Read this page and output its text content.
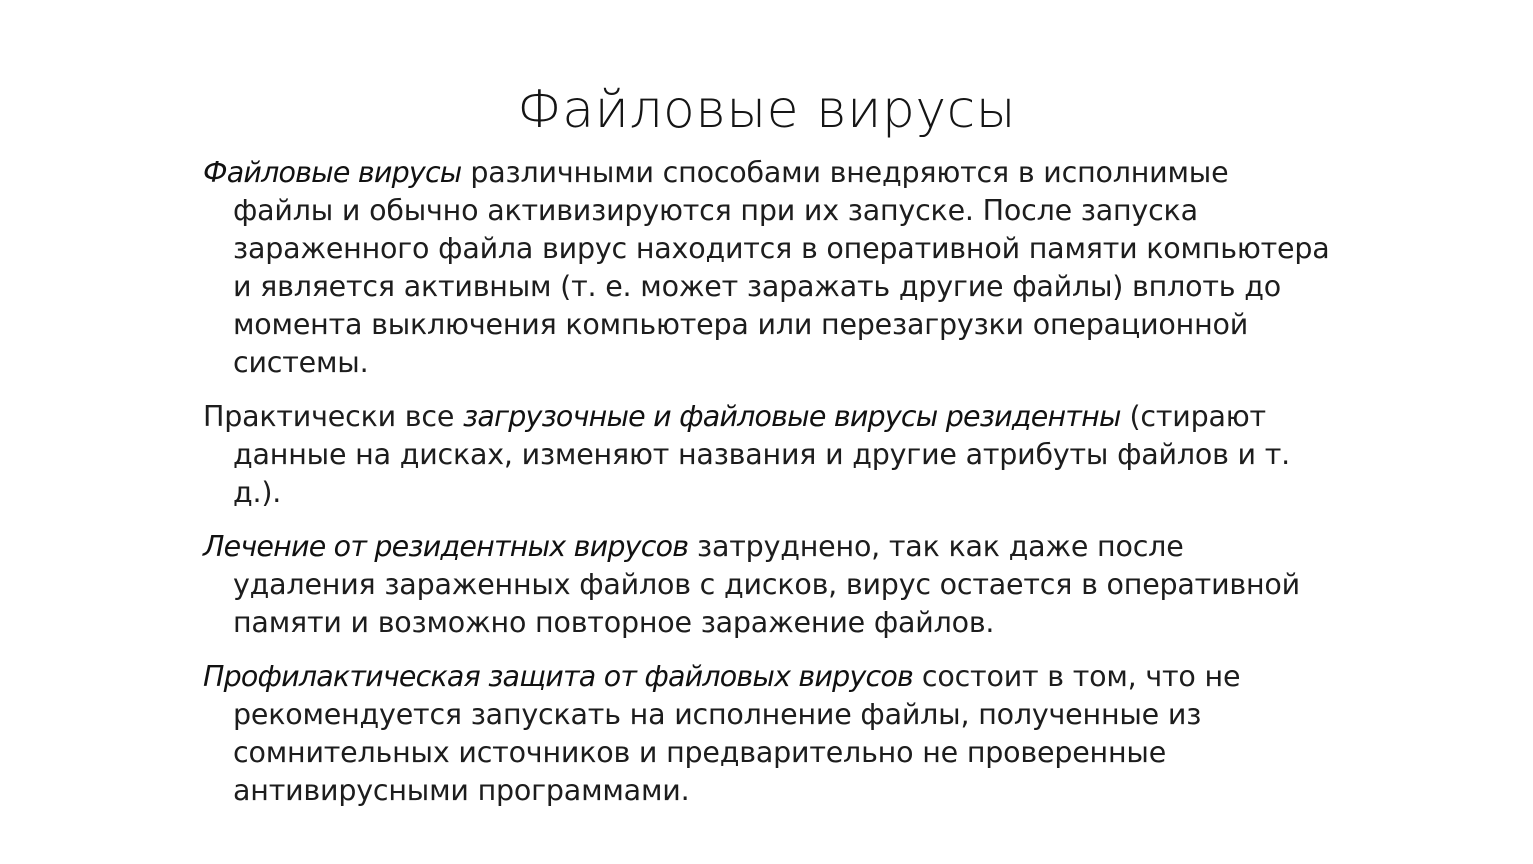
Файловые вирусы

Файловые вирусы различными способами внедряются в исполнимые файлы и обычно активизируются при их запуске. После запуска зараженного файла вирус находится в оперативной памяти компьютера и является активным (т. е. может заражать другие файлы) вплоть до момента выключения компьютера или перезагрузки операционной системы.

Практически все загрузочные и файловые вирусы резидентны (стирают данные на дисках, изменяют названия и другие атрибуты файлов и т. д.).

Лечение от резидентных вирусов затруднено, так как даже после удаления зараженных файлов с дисков, вирус остается в оперативной памяти и возможно повторное заражение файлов.

Профилактическая защита от файловых вирусов состоит в том, что не рекомендуется запускать на исполнение файлы, полученные из сомнительных источников и предварительно не проверенные антивирусными программами.
